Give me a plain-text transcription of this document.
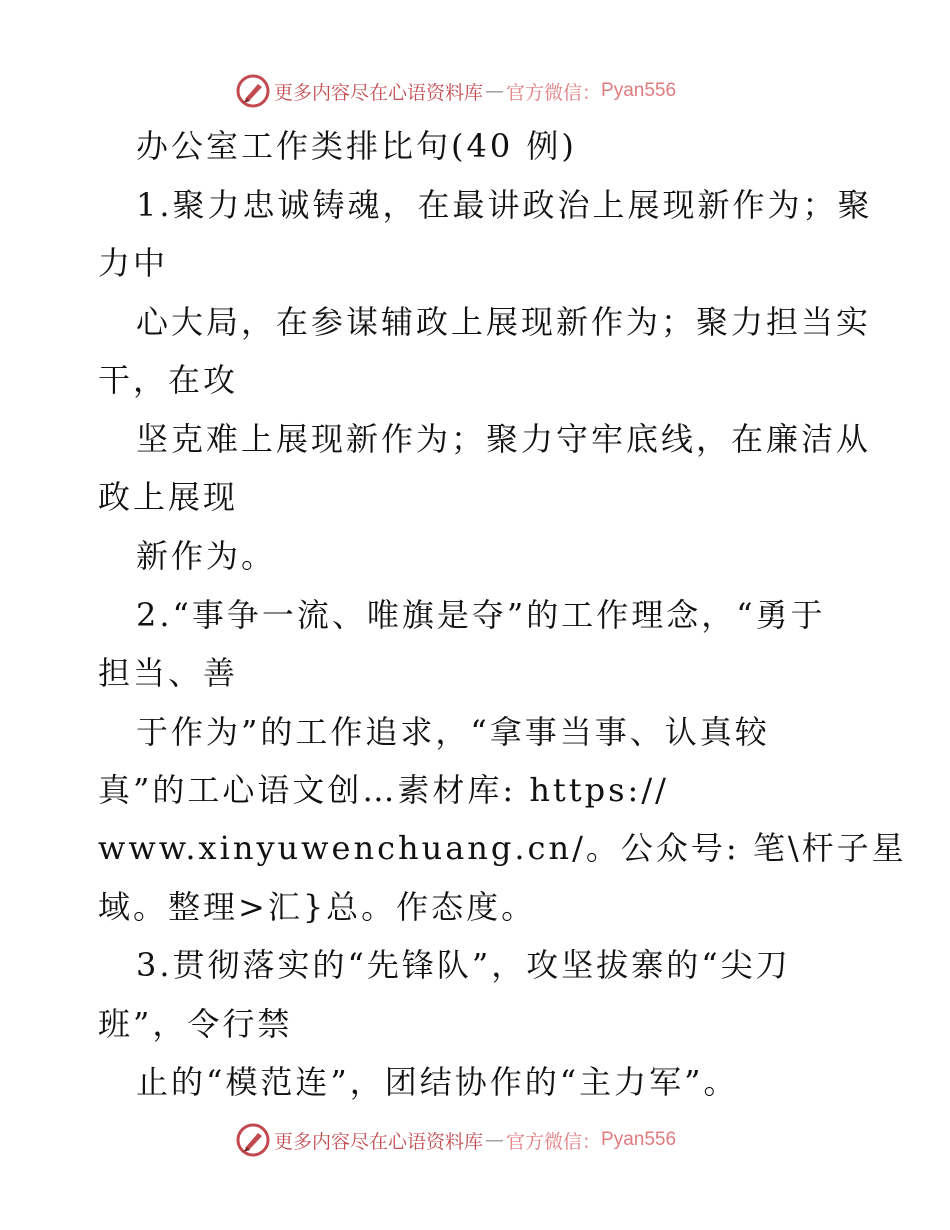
更多内容尽在心语资料库 — 官方微信： Pyan556
办公室工作类排比句(40 例)
1.聚力忠诚铸魂，在最讲政治上展现新作为；聚
力中
心大局，在参谋辅政上展现新作为；聚力担当实
干，在攻
坚克难上展现新作为；聚力守牢底线，在廉洁从
政上展现
新作为。
2.“事争一流、唯旗是夺”的工作理念，“勇于
担当、善
于作为”的工作追求，“拿事当事、认真较
真”的工心语文创…素材库: https://
www.xinyuwenchuang.cn/。公众号: 笔\杆子星
域。整理>汇}总。作态度。
3.贯彻落实的“先锋队”，攻坚拔寨的“尖刀
班”，令行禁
止的“模范连”，团结协作的“主力军”。
更多内容尽在心语资料库 — 官方微信： Pyan556
